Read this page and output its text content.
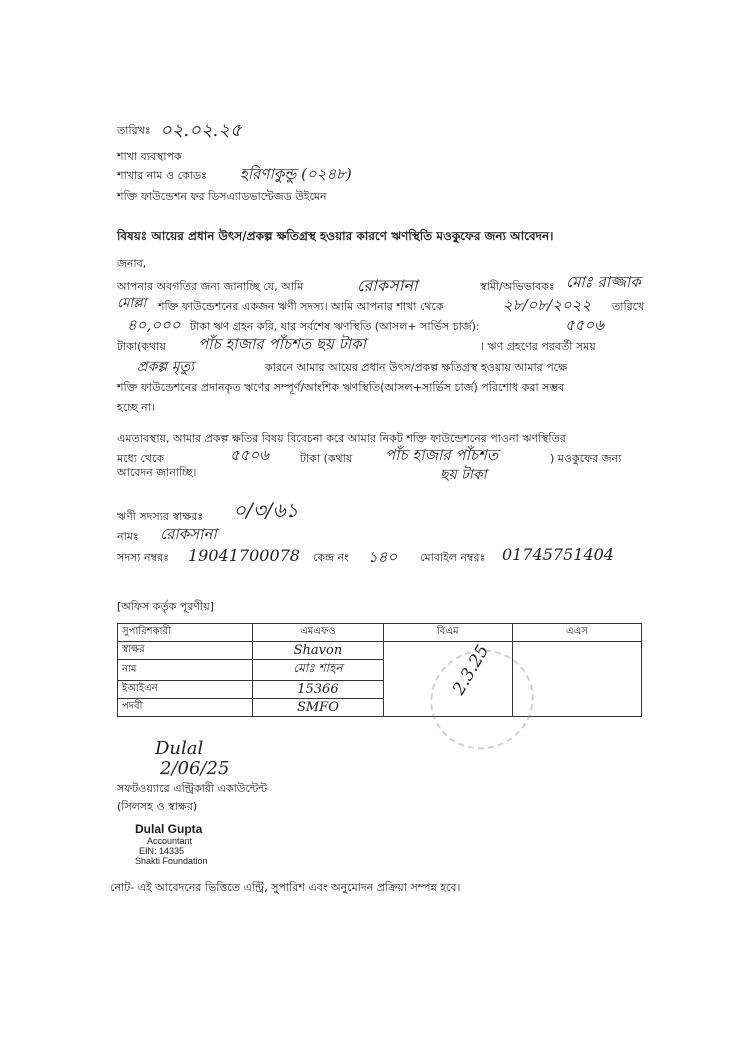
তারিখঃ ০২.০২.২৫
শাখা ব্যবস্থাপক
শাখার নাম ও কোডঃ হরিণাকুন্ডু (০২৪৮)
শক্তি ফাউন্ডেশন ফর ডিসএ্যাডভান্টেজড উইমেন
বিষয়ঃ আয়ের প্রধান উৎস/প্রকল্প ক্ষতিগ্রস্থ হওয়ার কারণে ঋণস্থিতি মওকুফের জন্য আবেদন।
জনাব,
আপনার অবগতির জন্য জানাচ্ছি যে, আমি	রোকসানা	স্বামী/অভিভাবকঃ মোঃ রাজ্জাক
মোল্লা শক্তি ফাউন্ডেশনের একজন ঋণী সদস্য। আমি আপনার শাখা থেকে	২৮/০৮/২০২২ তারিখে
৪০,০০০ টাকা ঋণ গ্রহন করি, যার সর্বশেষ ঋণস্থিতি (আসল+ সার্ভিস চার্জ):	৫৫০৬
টাকা(কথায় পাঁচ হাজার পাঁচশত ছয় টাকা	। ঋণ গ্রহণের পরবর্তী সময়
প্রকল্প মৃত্যু	কারনে আমার আয়ের প্রধান উৎস/প্রকল্প ক্ষতিগ্রস্থ হওয়ায় আমার পক্ষে
শক্তি ফাউন্ডেশনের প্রদানকৃত ঋণের সম্পূর্ণ/আংশিক ঋণস্থিতি(আসল+সার্ভিস চার্জ) পরিশোধ করা সম্ভব
হচ্ছে না।
এমতাবস্থায়, আমার প্রকল্প ক্ষতির বিষয় বিবেচনা করে আমার নিকট শক্তি ফাউন্ডেশনের পাওনা ঋণস্থিতির
মধ্যে থেকে	৫৫০৬	টাকা (কথায় পাঁচ হাজার পাঁচশত	) মওকুফের জন্য
ছয় টাকা
আবেদন জানাচ্ছি।
ঋণী সদস্যর স্বাক্ষরঃ ০/৩/৬১
নামঃ রোকসানা
সদস্য নম্বরঃ 19041700078 কেন্দ্র নং ১৪০ মোবাইল নম্বরঃ 01745751404
[অফিস কর্তৃক পূরণীয়]
সুপারিশকারী	এমএফও	বিএম	এএস
স্বাক্ষর	Shavon	2.3.25	

নাম	মোঃ শাহন		
ইআইএন	15366		
পদবী	SMFO		
Dulal
2/06/25
সফটওয়্যারে এন্ট্রিকারী একাউন্টেন্ট
(সিলসহ ও স্বাক্ষর)
Dulal Gupta
Accountant
EIN: 14335
Shakti Foundation
নোট- এই আবেদনের ভিত্তিতে এন্ট্রি, সুপারিশ এবং অনুমোদন প্রক্রিয়া সম্পন্ন হবে।
